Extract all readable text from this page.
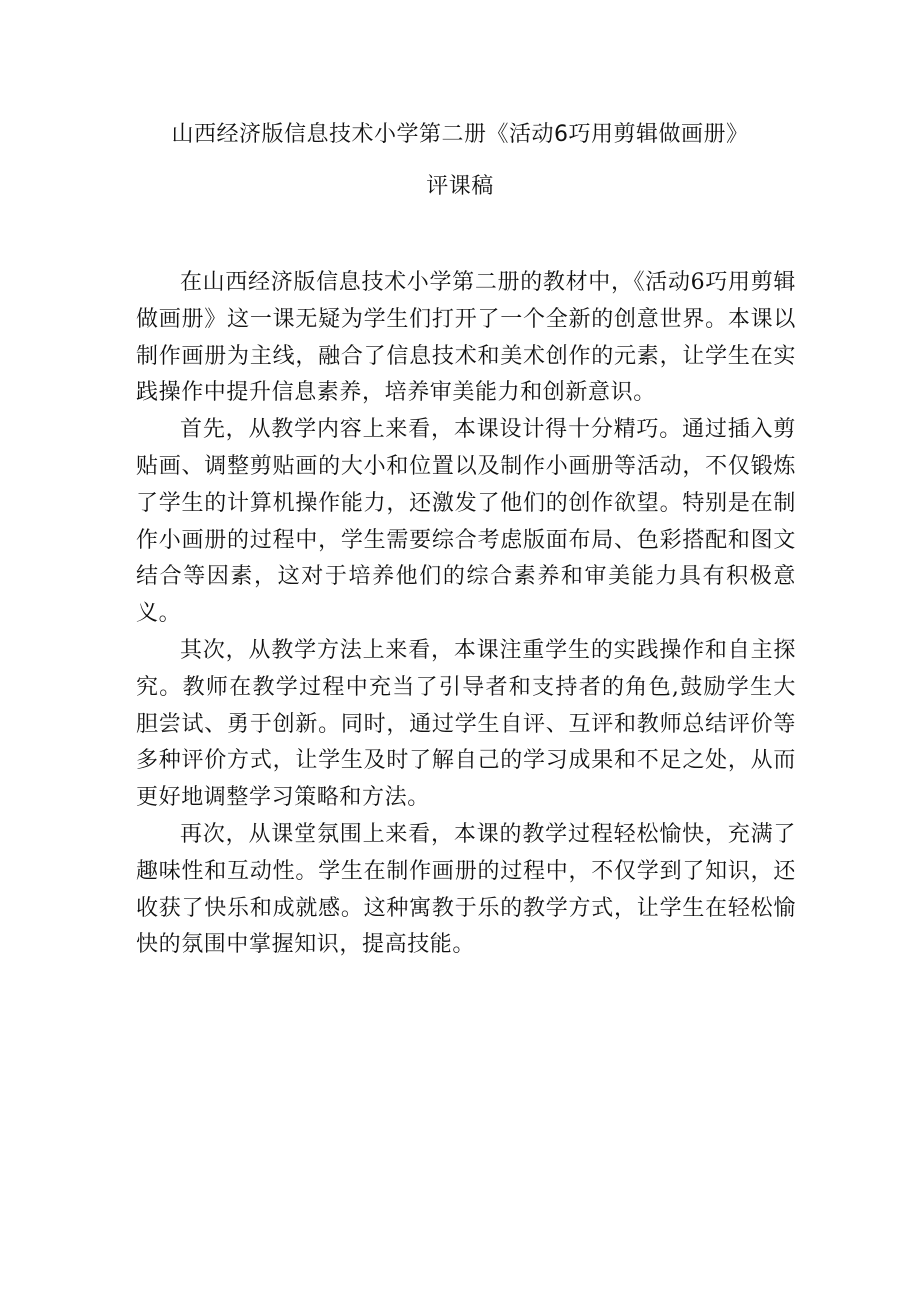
山西经济版信息技术小学第二册《活动6巧用剪辑做画册》
评课稿

在山西经济版信息技术小学第二册的教材中，《活动6巧用剪辑做画册》这一课无疑为学生们打开了一个全新的创意世界。本课以制作画册为主线，融合了信息技术和美术创作的元素，让学生在实践操作中提升信息素养，培养审美能力和创新意识。

首先，从教学内容上来看，本课设计得十分精巧。通过插入剪贴画、调整剪贴画的大小和位置以及制作小画册等活动，不仅锻炼了学生的计算机操作能力，还激发了他们的创作欲望。特别是在制作小画册的过程中，学生需要综合考虑版面布局、色彩搭配和图文结合等因素，这对于培养他们的综合素养和审美能力具有积极意义。

其次，从教学方法上来看，本课注重学生的实践操作和自主探究。教师在教学过程中充当了引导者和支持者的角色,鼓励学生大胆尝试、勇于创新。同时，通过学生自评、互评和教师总结评价等多种评价方式，让学生及时了解自己的学习成果和不足之处，从而更好地调整学习策略和方法。

再次，从课堂氛围上来看，本课的教学过程轻松愉快，充满了趣味性和互动性。学生在制作画册的过程中，不仅学到了知识，还收获了快乐和成就感。这种寓教于乐的教学方式，让学生在轻松愉快的氛围中掌握知识，提高技能。
